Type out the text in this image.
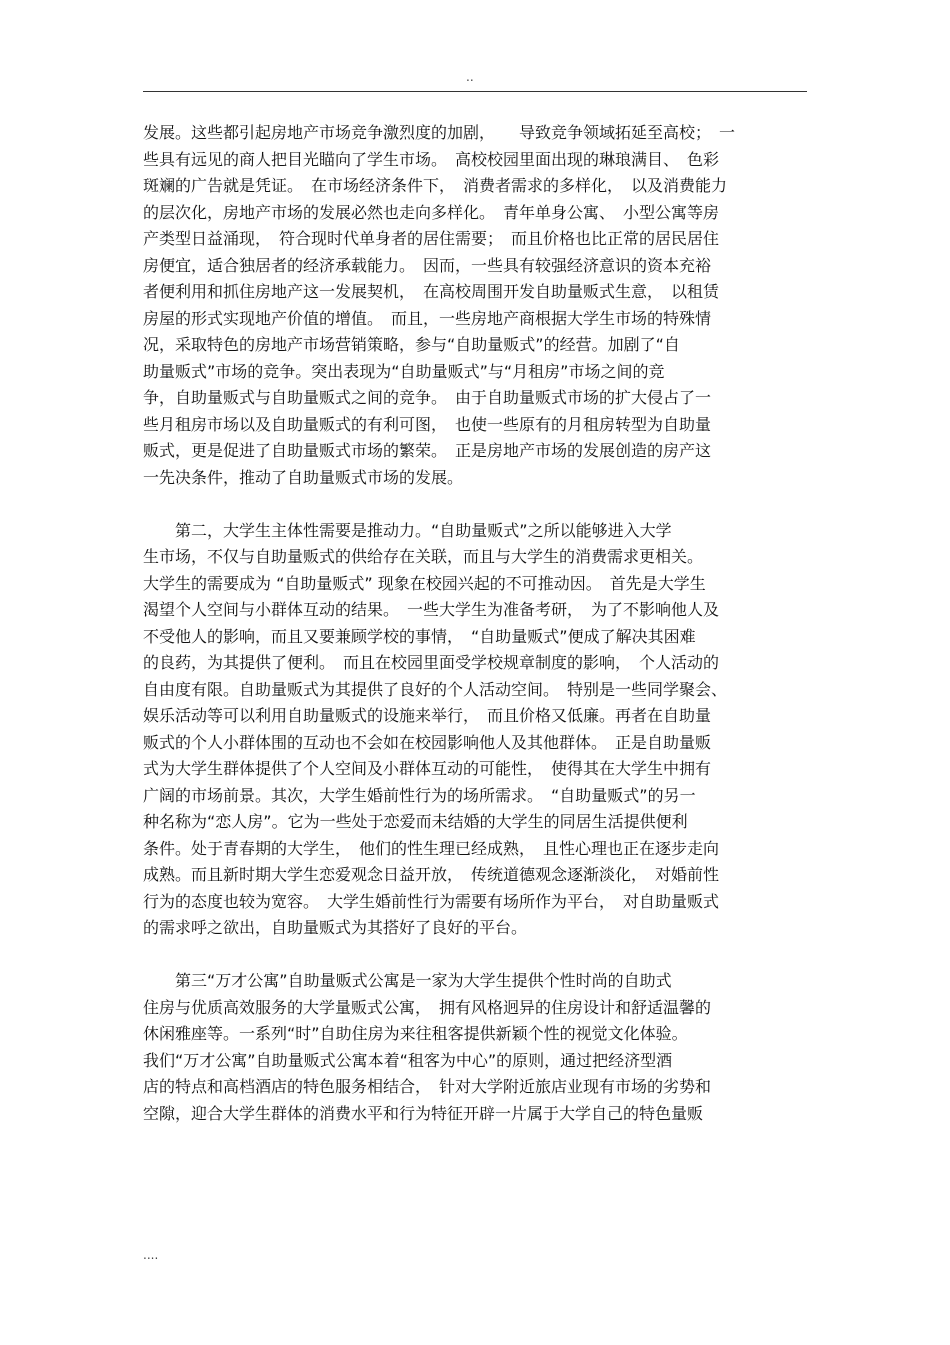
..
发展。这些都引起房地产市场竞争激烈度的加剧，　　导致竞争领域拓延至高校；　一
些具有远见的商人把目光瞄向了学生市场。　高校校园里面出现的琳琅满目、　色彩
斑斓的广告就是凭证。　在市场经济条件下，　消费者需求的多样化，　以及消费能力
的层次化，房地产市场的发展必然也走向多样化。　青年单身公寓、　小型公寓等房
产类型日益涌现，　符合现时代单身者的居住需要；　而且价格也比正常的居民居住
房便宜，适合独居者的经济承载能力。　因而，一些具有较强经济意识的资本充裕
者便利用和抓住房地产这一发展契机，　在高校周围开发自助量贩式生意，　以租赁
房屋的形式实现地产价值的增值。　而且，一些房地产商根据大学生市场的特殊情
况，采取特色的房地产市场营销策略，参与“自助量贩式”的经营。加剧了“自
助量贩式”市场的竞争。突出表现为“自助量贩式”与“月租房”市场之间的竞
争，自助量贩式与自助量贩式之间的竞争。　由于自助量贩式市场的扩大侵占了一
些月租房市场以及自助量贩式的有利可图，　也使一些原有的月租房转型为自助量
贩式，更是促进了自助量贩式市场的繁荣。　正是房地产市场的发展创造的房产这
一先决条件，推动了自助量贩式市场的发展。
　　第二，大学生主体性需要是推动力。“自助量贩式”之所以能够进入大学
生市场，不仅与自助量贩式的供给存在关联，而且与大学生的消费需求更相关。
大学生的需要成为 “自助量贩式” 现象在校园兴起的不可推动因。　首先是大学生
渴望个人空间与小群体互动的结果。　一些大学生为准备考研，　为了不影响他人及
不受他人的影响，而且又要兼顾学校的事情，　“自助量贩式”便成了解决其困难
的良药，为其提供了便利。　而且在校园里面受学校规章制度的影响，　个人活动的
自由度有限。自助量贩式为其提供了良好的个人活动空间。　特别是一些同学聚会、
娱乐活动等可以利用自助量贩式的设施来举行，　而且价格又低廉。再者在自助量
贩式的个人小群体围的互动也不会如在校园影响他人及其他群体。　正是自助量贩
式为大学生群体提供了个人空间及小群体互动的可能性，　使得其在大学生中拥有
广阔的市场前景。其次，大学生婚前性行为的场所需求。　“自助量贩式”的另一
种名称为“恋人房”。它为一些处于恋爱而未结婚的大学生的同居生活提供便利
条件。处于青春期的大学生，　他们的性生理已经成熟，　且性心理也正在逐步走向
成熟。而且新时期大学生恋爱观念日益开放，　传统道德观念逐渐淡化，　对婚前性
行为的态度也较为宽容。　大学生婚前性行为需要有场所作为平台，　对自助量贩式
的需求呼之欲出，自助量贩式为其搭好了良好的平台。
　　第三“万才公寓”自助量贩式公寓是一家为大学生提供个性时尚的自助式
住房与优质高效服务的大学量贩式公寓，　拥有风格迥异的住房设计和舒适温馨的
休闲雅座等。一系列“时”自助住房为来往租客提供新颖个性的视觉文化体验。
我们“万才公寓”自助量贩式公寓本着“租客为中心”的原则，通过把经济型酒
店的特点和高档酒店的特色服务相结合，　针对大学附近旅店业现有市场的劣势和
空隙，迎合大学生群体的消费水平和行为特征开辟一片属于大学自己的特色量贩
....
